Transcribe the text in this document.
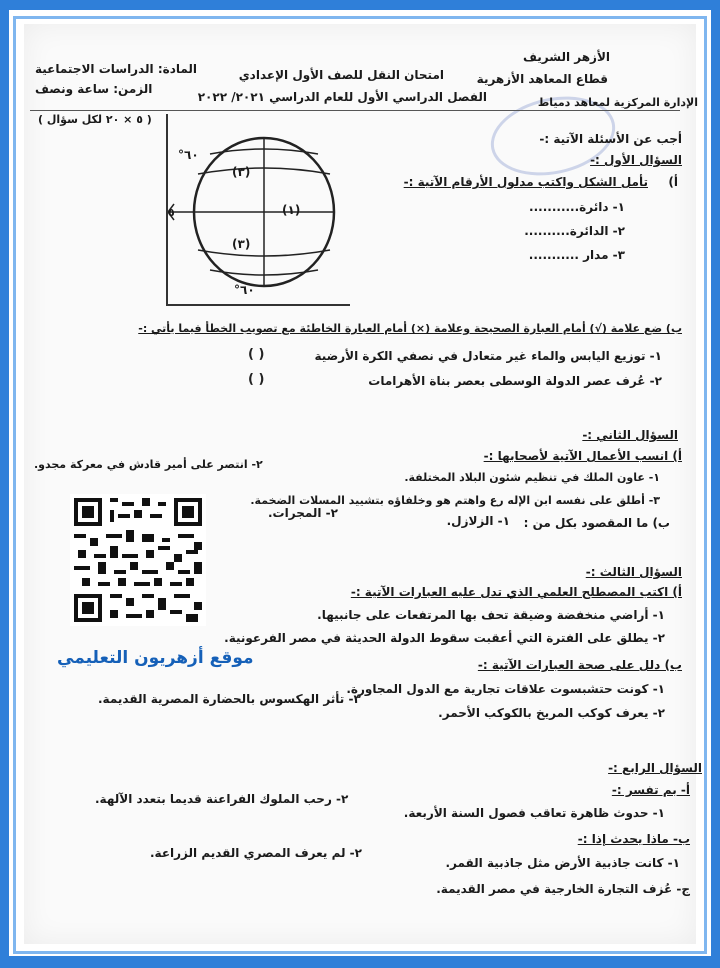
الأزهر الشريف
قطاع المعاهد الأزهرية
الإدارة المركزية لمعاهد دمياط
امتحان النقل للصف الأول الإعدادي
الفصل الدراسي الأول للعام الدراسي ٢٠٢١/ ٢٠٢٢
المادة: الدراسات الاجتماعية
الزمن: ساعة ونصف
( ٥ × ٢٠ لكل سؤال )
٦٠°
(٣)
(١)
(٣)
٦٠°
٥
أجب عن الأسئلة الآتية :-
السؤال الأول :-
أ)
تأمل الشكل واكتب مدلول الأرقام الآتية :-
١- دائرة...........
٢- الدائرة..........
٣- مدار ...........
ب) ضع علامة (√) أمام العبارة الصحيحة وعلامة (×) أمام العبارة الخاطئة مع تصويب الخطأ فيما يأتي :-
١- توزيع اليابس والماء غير متعادل في نصفي الكرة الأرضية
٢- عُرف عصر الدولة الوسطى بعصر بناة الأهرامات
( )
( )
السؤال الثاني :-
أ) انسب الأعمال الآتية لأصحابها :-
١- عاون الملك في تنظيم شئون البلاد المختلفة.
٢- انتصر على أمير قادش في معركة مجدو.
٣- أطلق على نفسه ابن الإله رع واهتم هو وخلفاؤه بتشييد المسلات الضخمة.
ب) ما المقصود بكل من :
١- الزلازل.
٢- المجرات.
السؤال الثالث :-
أ) اكتب المصطلح العلمي الذي تدل عليه العبارات الآتية :-
١- أراضي منخفضة وضيقة تحف بها المرتفعات على جانبيها.
٢- يطلق على الفترة التي أعقبت سقوط الدولة الحديثة في مصر الفرعونية.
موقع أزهريون التعليمي	ب) دلل على صحة العبارات الآتية :-
١- كونت حتشبسوت علاقات تجارية مع الدول المجاورة.
٢- يعرف كوكب المريخ بالكوكب الأحمر.
٣- تأثر الهكسوس بالحضارة المصرية القديمة.
السؤال الرابع :-
أ- بم تفسر :-
١- حدوث ظاهرة تعاقب فصول السنة الأربعة.
٢- رحب الملوك الفراعنة قديما بتعدد الآلهة.
ب- ماذا يحدث إذا :-
١- كانت جاذبية الأرض مثل جاذبية القمر.
٢- لم يعرف المصري القديم الزراعة.
ج- عُزف التجارة الخارجية في مصر القديمة.
